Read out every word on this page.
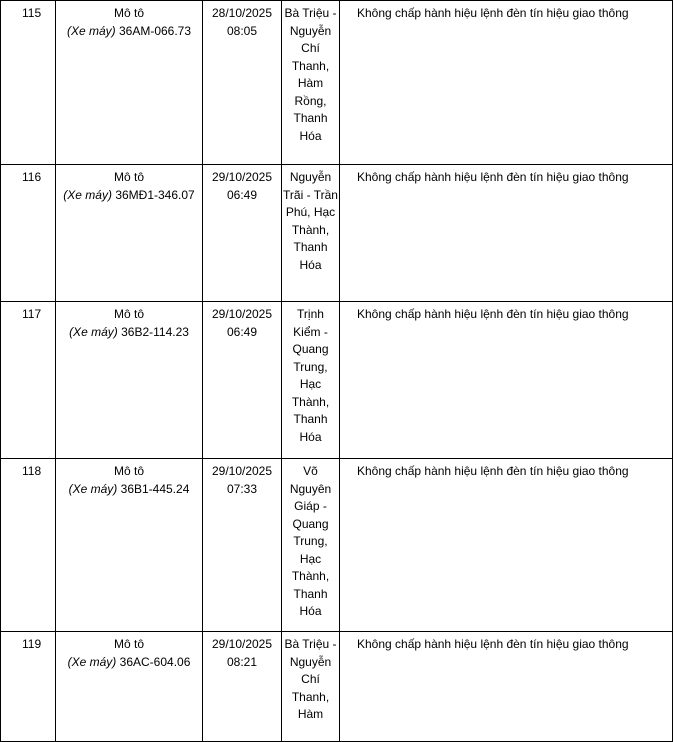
115	Mô tô
(Xe máy) 36AM-066.73	28/10/2025
08:05	Bà Triệu - Nguyễn Chí Thanh, Hàm Rồng, Thanh Hóa	Không chấp hành hiệu lệnh đèn tín hiệu giao thông

116	Mô tô
(Xe máy) 36MĐ1-346.07	29/10/2025
06:49	Nguyễn Trãi - Trần Phú, Hạc Thành, Thanh Hóa	Không chấp hành hiệu lệnh đèn tín hiệu giao thông

117	Mô tô
(Xe máy) 36B2-114.23	29/10/2025
06:49	Trịnh Kiểm - Quang Trung, Hạc Thành, Thanh Hóa	Không chấp hành hiệu lệnh đèn tín hiệu giao thông

118	Mô tô
(Xe máy) 36B1-445.24	29/10/2025
07:33	Võ Nguyên Giáp - Quang Trung, Hạc Thành, Thanh Hóa	Không chấp hành hiệu lệnh đèn tín hiệu giao thông

119	Mô tô
(Xe máy) 36AC-604.06	29/10/2025
08:21	Bà Triệu - Nguyễn Chí Thanh, Hàm	Không chấp hành hiệu lệnh đèn tín hiệu giao thông
